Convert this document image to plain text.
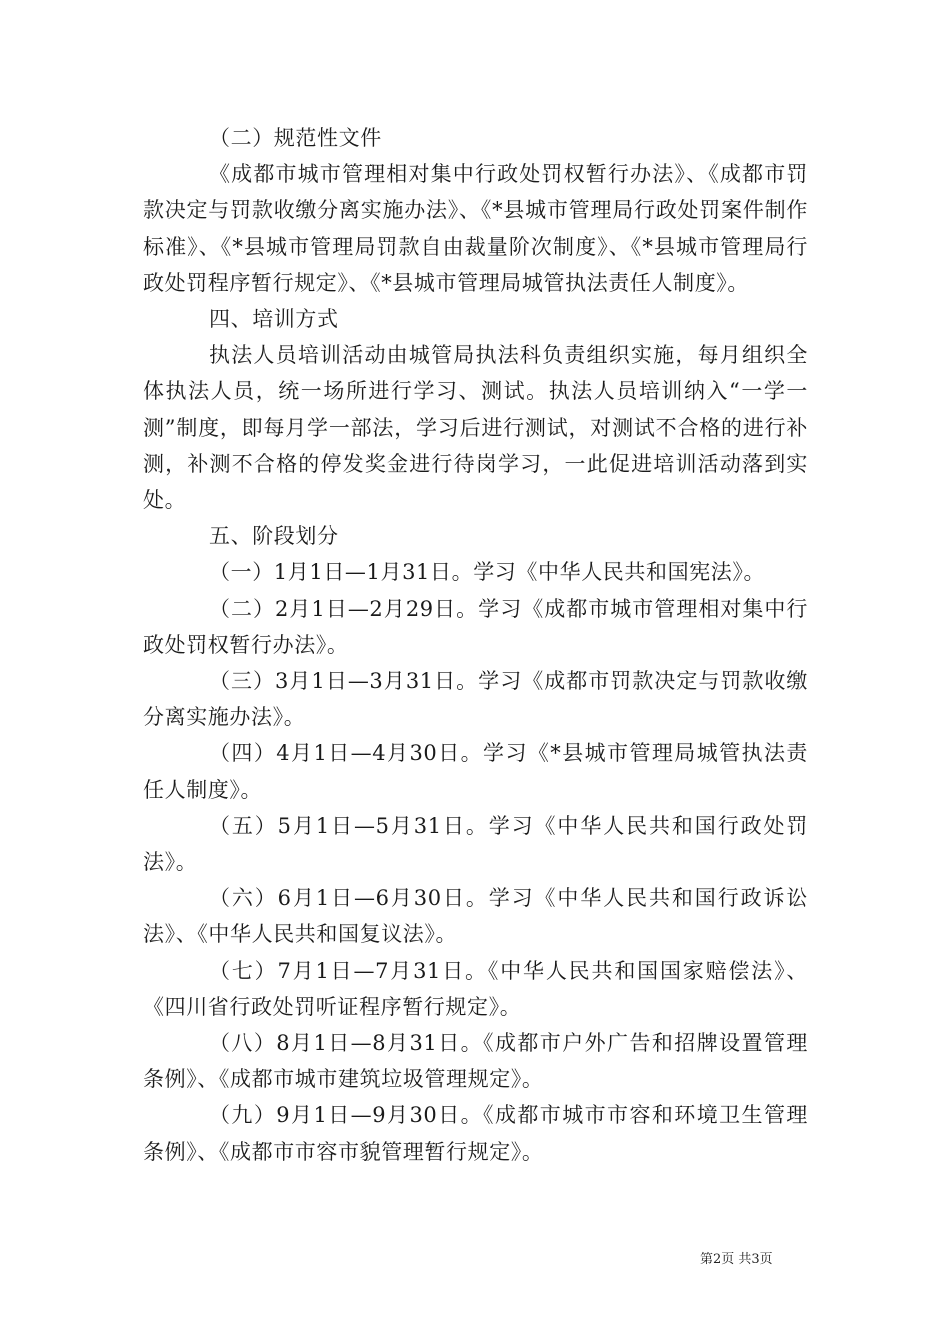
（二）规范性文件

《成都市城市管理相对集中行政处罚权暂行办法》、《成都市罚款决定与罚款收缴分离实施办法》、《*县城市管理局行政处罚案件制作标准》、《*县城市管理局罚款自由裁量阶次制度》、《*县城市管理局行政处罚程序暂行规定》、《*县城市管理局城管执法责任人制度》。

四、培训方式

执法人员培训活动由城管局执法科负责组织实施，每月组织全体执法人员，统一场所进行学习、测试。执法人员培训纳入“一学一测”制度，即每月学一部法，学习后进行测试，对测试不合格的进行补测，补测不合格的停发奖金进行待岗学习，一此促进培训活动落到实处。

五、阶段划分

（一）1月1日—1月31日。学习《中华人民共和国宪法》。

（二）2月1日—2月29日。学习《成都市城市管理相对集中行政处罚权暂行办法》。

（三）3月1日—3月31日。学习《成都市罚款决定与罚款收缴分离实施办法》。

（四）4月1日—4月30日。学习《*县城市管理局城管执法责任人制度》。

（五）5月1日—5月31日。学习《中华人民共和国行政处罚法》。

（六）6月1日—6月30日。学习《中华人民共和国行政诉讼法》、《中华人民共和国复议法》。

（七）7月1日—7月31日。《中华人民共和国国家赔偿法》、《四川省行政处罚听证程序暂行规定》。

（八）8月1日—8月31日。《成都市户外广告和招牌设置管理条例》、《成都市城市建筑垃圾管理规定》。

（九）9月1日—9月30日。《成都市城市市容和环境卫生管理条例》、《成都市市容市貌管理暂行规定》。

第2页 共3页
